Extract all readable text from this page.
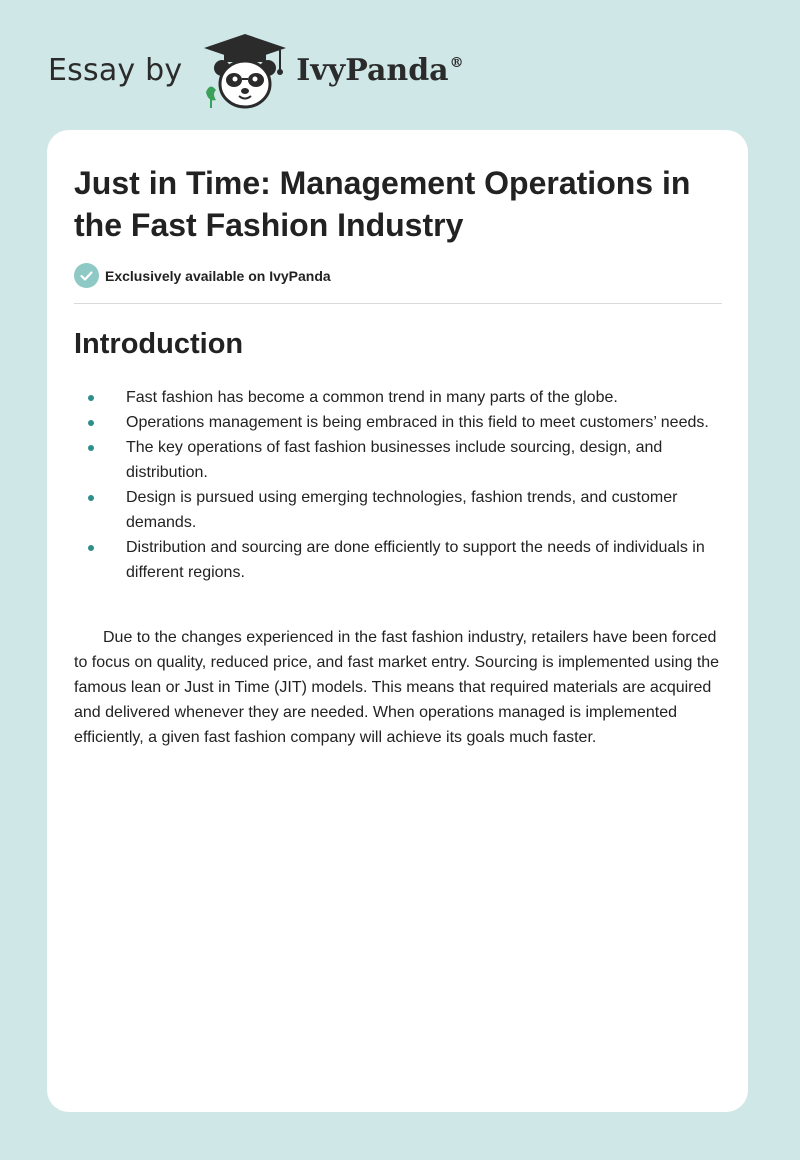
Essay by	IvyPanda®
Just in Time: Management Operations in the Fast Fashion Industry
Exclusively available on IvyPanda
Introduction
Fast fashion has become a common trend in many parts of the globe.
Operations management is being embraced in this field to meet customers’ needs.
The key operations of fast fashion businesses include sourcing, design, and distribution.
Design is pursued using emerging technologies, fashion trends, and customer demands.
Distribution and sourcing are done efficiently to support the needs of individuals in different regions.

Due to the changes experienced in the fast fashion industry, retailers have been forced to focus on quality, reduced price, and fast market entry. Sourcing is implemented using the famous lean or Just in Time (JIT) models. This means that required materials are acquired and delivered whenever they are needed. When operations managed is implemented efficiently, a given fast fashion company will achieve its goals much faster.
